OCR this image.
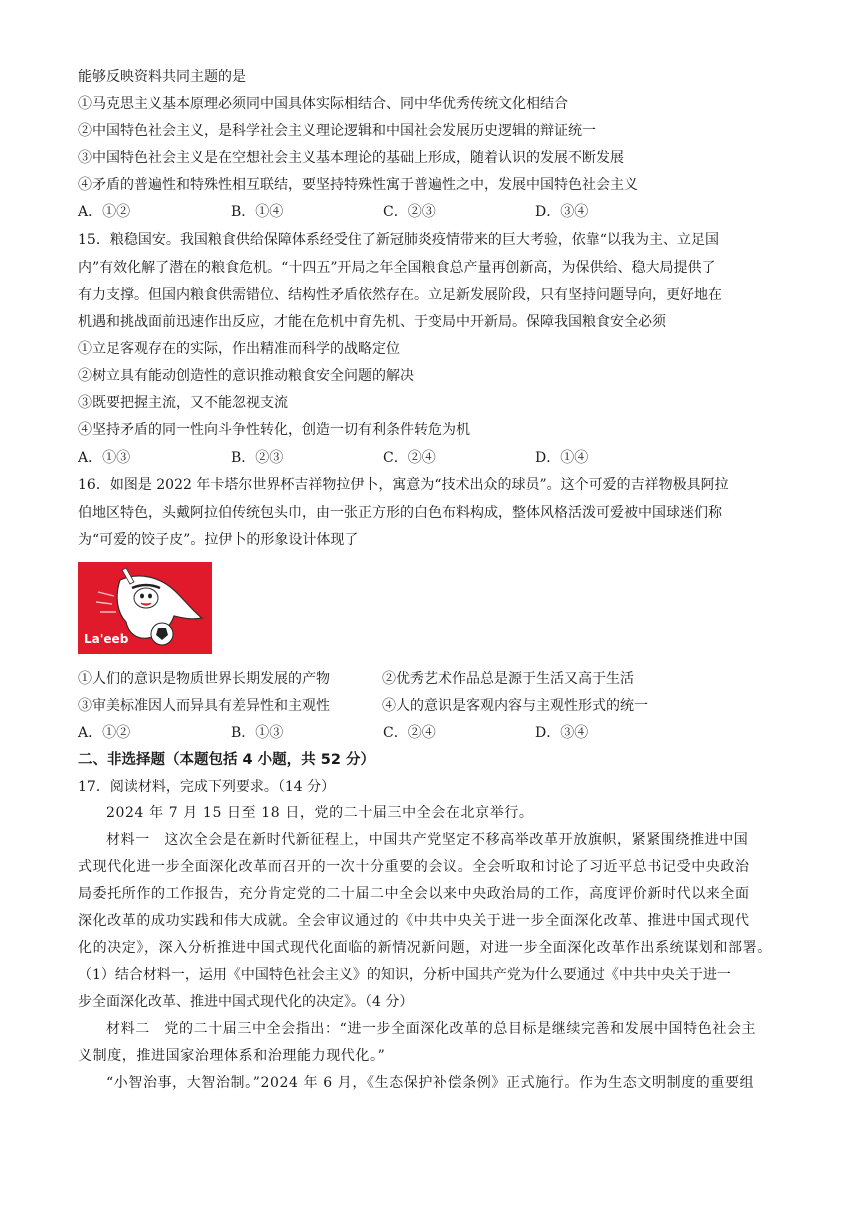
能够反映资料共同主题的是
①马克思主义基本原理必须同中国具体实际相结合、同中华优秀传统文化相结合
②中国特色社会主义，是科学社会主义理论逻辑和中国社会发展历史逻辑的辩证统一
③中国特色社会主义是在空想社会主义基本理论的基础上形成，随着认识的发展不断发展
④矛盾的普遍性和特殊性相互联结，要坚持特殊性寓于普遍性之中，发展中国特色社会主义
A．①②	B．①④	C．②③	D．③④
15．粮稳国安。我国粮食供给保障体系经受住了新冠肺炎疫情带来的巨大考验，依靠“以我为主、立足国
内”有效化解了潜在的粮食危机。“十四五”开局之年全国粮食总产量再创新高，为保供给、稳大局提供了
有力支撑。但国内粮食供需错位、结构性矛盾依然存在。立足新发展阶段，只有坚持问题导向，更好地在
机遇和挑战面前迅速作出反应，才能在危机中育先机、于变局中开新局。保障我国粮食安全必须
①立足客观存在的实际，作出精准而科学的战略定位
②树立具有能动创造性的意识推动粮食安全问题的解决
③既要把握主流，又不能忽视支流
④坚持矛盾的同一性向斗争性转化，创造一切有利条件转危为机
A．①③	B．②③	C．②④	D．①④
16．如图是 2022 年卡塔尔世界杯吉祥物拉伊卜，寓意为“技术出众的球员”。这个可爱的吉祥物极具阿拉
伯地区特色，头戴阿拉伯传统包头巾，由一张正方形的白色布料构成，整体风格活泼可爱被中国球迷们称
为“可爱的饺子皮”。拉伊卜的形象设计体现了
La'eeb
①人们的意识是物质世界长期发展的产物	②优秀艺术作品总是源于生活又高于生活
③审美标准因人而异具有差异性和主观性	④人的意识是客观内容与主观性形式的统一
A．①②	B．①③	C．②④	D．③④
二、非选择题（本题包括 4 小题，共 52 分）
17．阅读材料，完成下列要求。（14 分）
2024 年 7 月 15 日至 18 日，党的二十届三中全会在北京举行。
材料一　这次全会是在新时代新征程上，中国共产党坚定不移高举改革开放旗帜，紧紧围绕推进中国
式现代化进一步全面深化改革而召开的一次十分重要的会议。全会听取和讨论了习近平总书记受中央政治
局委托所作的工作报告，充分肯定党的二十届二中全会以来中央政治局的工作，高度评价新时代以来全面
深化改革的成功实践和伟大成就。全会审议通过的《中共中央关于进一步全面深化改革、推进中国式现代
化的决定》，深入分析推进中国式现代化面临的新情况新问题，对进一步全面深化改革作出系统谋划和部署。
（1）结合材料一，运用《中国特色社会主义》的知识，分析中国共产党为什么要通过《中共中央关于进一
步全面深化改革、推进中国式现代化的决定》。（4 分）
材料二　党的二十届三中全会指出：“进一步全面深化改革的总目标是继续完善和发展中国特色社会主
义制度，推进国家治理体系和治理能力现代化。”
“小智治事，大智治制。”2024 年 6 月，《生态保护补偿条例》正式施行。作为生态文明制度的重要组
